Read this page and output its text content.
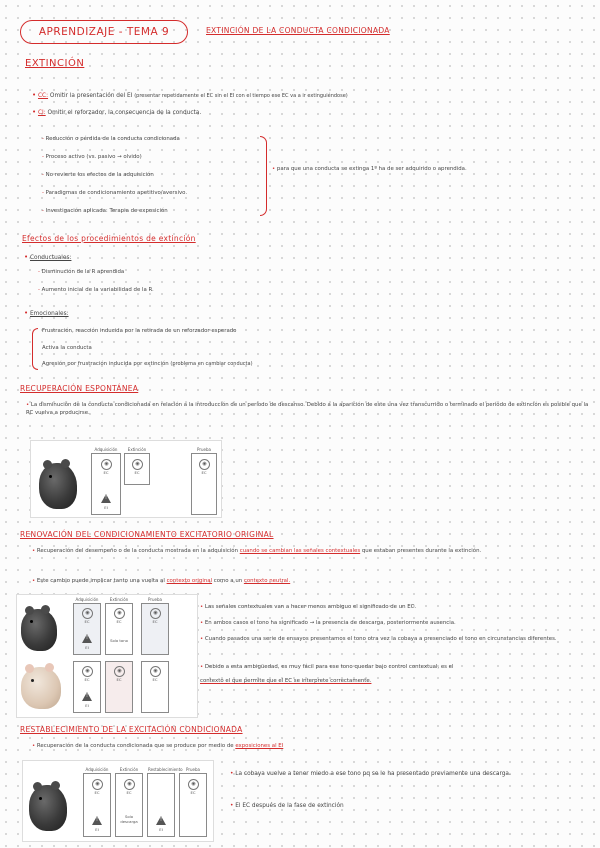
APRENDIZAJE - TEMA 9	EXTINCIÓN DE LA CONDUCTA CONDICIONADA
EXTINCIÓN
• CC: Omitir la presentación del EI (presentar repetidamente el EC sin el EI con el tiempo ese EC va a ir extinguiéndose)
• CI: Omitir el reforzador, la consecuencia de la conducta.
- Reducción o pérdida de la conducta condicionada
- Proceso activo (vs. pasivo → olvido)
- No revierte los efectos de la adquisición
- Paradigmas de condicionamiento apetitivo/aversivo.
- Investigación aplicada: Terapia de exposición
• para que una conducta se extinga 1º ha de ser adquirido o aprendida.
Efectos de los procedimientos de extinción
• Conductuales:
- Disminución de la R aprendida
- Aumento inicial de la variabilidad de la R.
• Emocionales:
Frustración, reacción inducida por la retirada de un reforzador esperado
Activa la conducta
Agresión por frustración inducida por extinción (problema en cambiar conducta)
RECUPERACIÓN ESPONTÁNEA
• La disminución de la conducta condicionada en relación a la introducción de un período de descanso. Debido a la aparición de este una vez transcurrido o terminado el período de extinción es posible que la RC vuelva a producirse.
Adquisición
◉
EC
!
EI
Extinción
◉
EC
Prueba
◉
EC
RENOVACIÓN DEL CONDICIONAMIENTO EXCITATORIO ORIGINAL
• Recuperación del desempeño o de la conducta mostrada en la adquisición cuando se cambian las señales contextuales que estaban presentes durante la extinción.
• Este cambio puede implicar tanto una vuelta al contexto original como a un contexto neutral.
Adquisición
◉
EC
!
EI
Extinción
◉
EC
Solo tono
Prueba
◉
EC
◉
EC
!
EI
◉
EC
◉
EC
• Las señales contextuales van a hacer menos ambiguo el significado de un EC.
• En ambos casos el tono ha significado → la presencia de descarga, posteriormente ausencia.
• Cuando pasados una serie de ensayos presentamos el tono otra vez la cobaya a presenciado el tono en circunstancias diferentes.
• Debido a esta ambigüedad, es muy fácil para ese tono quedar bajo control contextual, es el
contexto el que permite que el EC se interprete correctamente.
RESTABLECIMIENTO DE LA EXCITACIÓN CONDICIONADA
• Recuperación de la conducta condicionada que se produce por medio de exposiciones al EI
Adquisición
◉
EC
!
EI
Extinción
◉
EC
Solo descarga
Restablecimiento
!
EI
Prueba
◉
EC
• La cobaya vuelve a tener miedo a ese tono pq se le ha presentado previamente una descarga.
• El EC después de la fase de extinción
